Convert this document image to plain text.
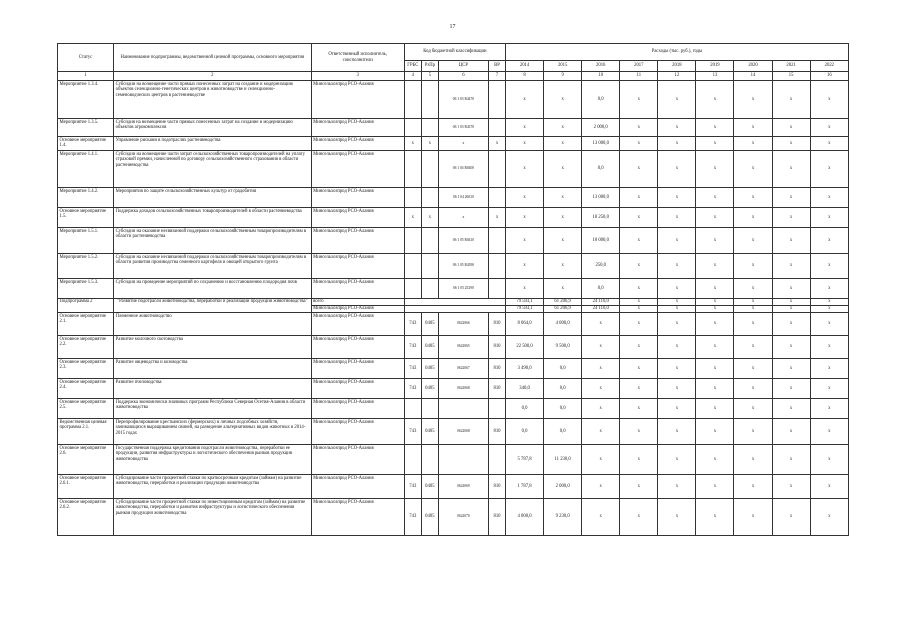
17
Статус	Наименование подпрограммы, ведомственной целевой программы, основного мероприятия	Ответственный исполнитель, соисполнители	Код бюджетной классификации				Расходы (тыс. руб.), годы								
			ГРБС	РзПр	ЦСР	ВР	2014	2015	2016	2017	2018	2019	2020	2021	2022
1	2	3	4	5	6	7	8	9	10	11	12	13	14	15	16
Мероприятие 1.3.4.	Субсидии на возмещение части прямых понесенных затрат на создание и модернизацию объектов селекционно-генетических центров в животноводстве и селекционно-семеноводческих центров в растениеводстве	Минсельхозпрод РСО-Алания			06 1 03 R4470		x	x	0,0	x	x	x	x	x	x
Мероприятие 1.3.5.	Субсидия на возмещение части прямых понесенных затрат на создание и модернизацию объектов агрокомплексов	Минсельхозпрод РСО-Алания			06 1 03 R4370		x	x	2 000,0	x	x	x	x	x	x
Основное мероприятие 1.4.	Управление рисками в подотраслях растениеводства	Минсельхозпрод РСО-Алания	x	x	x	x	x	x	13 000,0	x	x	x	x	x	x
Мероприятие 1.4.1.	Субсидии на возмещение части затрат сельскохозяйственных товаропроизводителей на уплату страховой премии, начисленной по договору сельскохозяйственного страхования в области растениеводства	Минсельхозпрод РСО-Алания			06 1 04 R0400		x	x	0,0	x	x	x	x	x	x
Мероприятие 1.4.2.	Мероприятия по защите сельскохозяйственных культур от градобития	Минсельхозпрод РСО-Алания			06 1 04 26030		x	x	13 000,0	x	x	x	x	x	x
Основное мероприятие 1.5.	Поддержка доходов сельскохозяйственных товаропроизводителей в области растениеводства	Минсельхозпрод РСО-Алания	x	x	x	x	x	x	10 250,0	x	x	x	x	x	x
Мероприятие 1.5.1.	Субсидии на оказание несвязанной поддержки сельскохозяйственным товаропроизводителям в области растениеводства	Минсельхозпрод РСО-Алания			06 1 05 R0410		x	x	10 000,0	x	x	x	x	x	x
Мероприятие 1.5.2.	Субсидии на оказание несвязанной поддержки сельскохозяйственным товаропроизводителям в области развития производства семенного картофеля и овощей открытого грунта	Минсельхозпрод РСО-Алания			06 1 05 R4390		x	x	250,0	x	x	x	x	x	x
Мероприятие 1.5.3.	Субсидии на проведение мероприятий по сохранению и восстановлению плодородия почв	Минсельхозпрод РСО-Алания			06 1 05 25290		x	x	0,0	x	x	x	x	x	x
Подпрограмма 2	"Развитие подотрасли животноводства, переработки и реализации продукции животноводства"	всего					79 593,1	61 206,9	24 110,0	x	x	x	x	x	x
		Минсельхозпрод РСО-Алания					79 593,1	61 206,9	24 110,0	x	x	x	x	x	x
Основное мероприятие 2.1.	Племенное животноводство	Минсельхозпрод РСО-Алания	743	0405	0622066	810	8 064,0	4 000,0	x	x	x	x	x	x	x
Основное мероприятие 2.2.	Развитие молочного скотоводства	Минсельхозпрод РСО-Алания	743	0405	0622065	810	22 500,0	9 500,0	x	x	x	x	x	x	x
Основное мероприятие 2.3.	Развитие овцеводства и козоводства	Минсельхозпрод РСО-Алания	743	0405	0622067	810	3 490,0	0,0	x	x	x	x	x	x	x
Основное мероприятие 2.4.	Развитие пчеловодства	Минсельхозпрод РСО-Алания	743	0405	0622068	810	340,0	0,0	x	x	x	x	x	x	x
Основное мероприятие 2.5.	Поддержка экономически значимых программ Республики Северная Осетия-Алания в области животноводства	Минсельхозпрод РСО-Алания					0,0	0,0	x	x	x	x	x	x	x
Ведомственная целевая программа 2.1.	Перепрофилирование крестьянских (фермерских) и личных подсобных хозяйств, занимающихся выращиванием свиней, на разведение альтернативных видов животных в 2014-2015 годах	Минсельхозпрод РСО-Алания	743	0405	0622068	810	0,0	0,0	x	x	x	x	x	x	x
Основное мероприятие 2.6.	Государственная поддержка кредитования подотрасли животноводства, переработки ее продукции, развития инфраструктуры и логистического обеспечения рынков продукции животноводства	Минсельхозпрод РСО-Алания					5 787,8	11 230,0	x	x	x	x	x	x	x
Основное мероприятие 2.6.1.	Субсидирование части процентной ставки по краткосрочным кредитам (займам) на развитие животноводства, переработки и реализации продукции животноводства	Минсельхозпрод РСО-Алания	743	0405	0622069	810	1 787,8	2 000,0	x	x	x	x	x	x	x
Основное мероприятие 2.6.2.	Субсидирование части процентной ставки по инвестиционным кредитам (займам) на развитие животноводства, переработки и развития инфраструктуры и логистического обеспечения рынков продукции животноводства	Минсельхозпрод РСО-Алания	743	0405	0622070	810	4 000,0	9 230,0	x	x	x	x	x	x	x
